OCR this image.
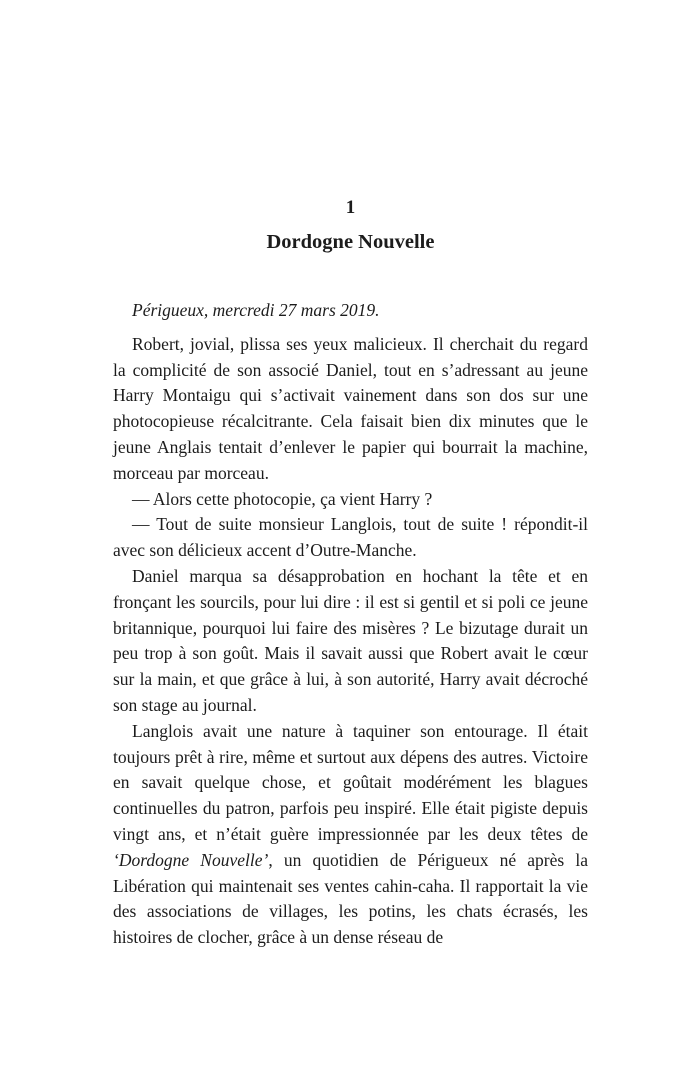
1
Dordogne Nouvelle

Périgueux, mercredi 27 mars 2019.

Robert, jovial, plissa ses yeux malicieux. Il cherchait du regard la complicité de son associé Daniel, tout en s’adressant au jeune Harry Montaigu qui s’activait vainement dans son dos sur une photocopieuse récalcitrante. Cela faisait bien dix minutes que le jeune Anglais tentait d’enlever le papier qui bourrait la machine, morceau par morceau.

— Alors cette photocopie, ça vient Harry ?

— Tout de suite monsieur Langlois, tout de suite ! répondit-il avec son délicieux accent d’Outre-Manche.

Daniel marqua sa désapprobation en hochant la tête et en fronçant les sourcils, pour lui dire : il est si gentil et si poli ce jeune britannique, pourquoi lui faire des misères ? Le bizutage durait un peu trop à son goût. Mais il savait aussi que Robert avait le cœur sur la main, et que grâce à lui, à son autorité, Harry avait décroché son stage au journal.

Langlois avait une nature à taquiner son entourage. Il était toujours prêt à rire, même et surtout aux dépens des autres. Victoire en savait quelque chose, et goûtait modérément les blagues continuelles du patron, parfois peu inspiré. Elle était pigiste depuis vingt ans, et n’était guère impressionnée par les deux têtes de ‘Dordogne Nouvelle’, un quotidien de Périgueux né après la Libération qui maintenait ses ventes cahin-caha. Il rapportait la vie des associations de villages, les potins, les chats écrasés, les histoires de clocher, grâce à un dense réseau de
